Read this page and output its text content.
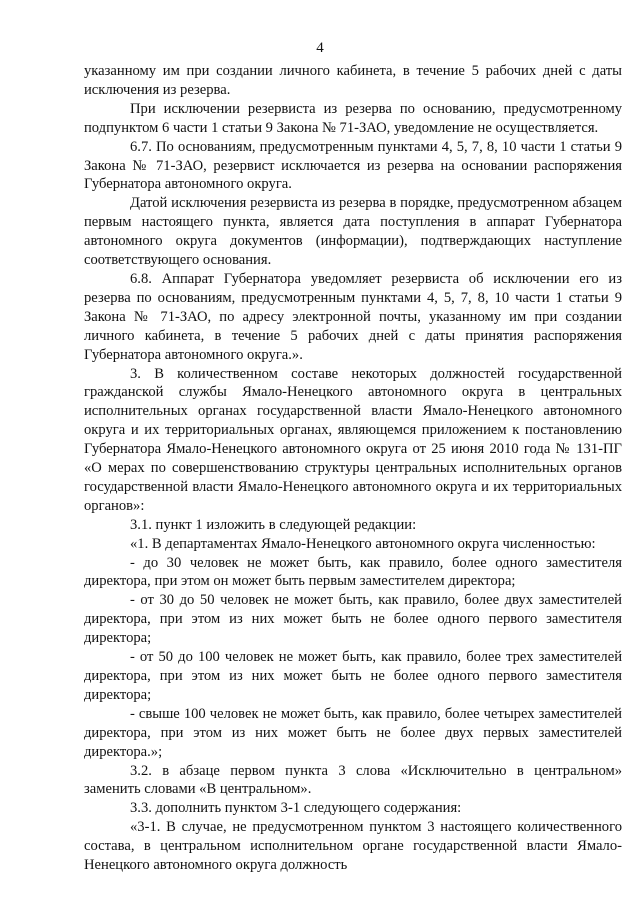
4

указанному им при создании личного кабинета, в течение 5 рабочих дней с даты исключения из резерва.

При исключении резервиста из резерва по основанию, предусмотренному подпунктом 6 части 1 статьи 9 Закона № 71-ЗАО, уведомление не осуществляется.

6.7. По основаниям, предусмотренным пунктами 4, 5, 7, 8, 10 части 1 статьи 9 Закона № 71-ЗАО, резервист исключается из резерва на основании распоряжения Губернатора автономного округа.

Датой исключения резервиста из резерва в порядке, предусмотренном абзацем первым настоящего пункта, является дата поступления в аппарат Губернатора автономного округа документов (информации), подтверждающих наступление соответствующего основания.

6.8. Аппарат Губернатора уведомляет резервиста об исключении его из резерва по основаниям, предусмотренным пунктами 4, 5, 7, 8, 10 части 1 статьи 9 Закона № 71-ЗАО, по адресу электронной почты, указанному им при создании личного кабинета, в течение 5 рабочих дней с даты принятия распоряжения Губернатора автономного округа.».

3. В количественном составе некоторых должностей государственной гражданской службы Ямало-Ненецкого автономного округа в центральных исполнительных органах государственной власти Ямало-Ненецкого автономного округа и их территориальных органах, являющемся приложением к постановлению Губернатора Ямало-Ненецкого автономного округа от 25 июня 2010 года № 131-ПГ «О мерах по совершенствованию структуры центральных исполнительных органов государственной власти Ямало-Ненецкого автономного округа и их территориальных органов»:

3.1. пункт 1 изложить в следующей редакции:

«1. В департаментах Ямало-Ненецкого автономного округа численностью:

- до 30 человек не может быть, как правило, более одного заместителя директора, при этом он может быть первым заместителем директора;

- от 30 до 50 человек не может быть, как правило, более двух заместителей директора, при этом из них может быть не более одного первого заместителя директора;

- от 50 до 100 человек не может быть, как правило, более трех заместителей директора, при этом из них может быть не более одного первого заместителя директора;

- свыше 100 человек не может быть, как правило, более четырех заместителей директора, при этом из них может быть не более двух первых заместителей директора.»;

3.2. в абзаце первом пункта 3 слова «Исключительно в центральном» заменить словами «В центральном».

3.3. дополнить пунктом 3-1 следующего содержания:

«3-1. В случае, не предусмотренном пунктом 3 настоящего количественного состава, в центральном исполнительном органе государственной власти Ямало-Ненецкого автономного округа должность
